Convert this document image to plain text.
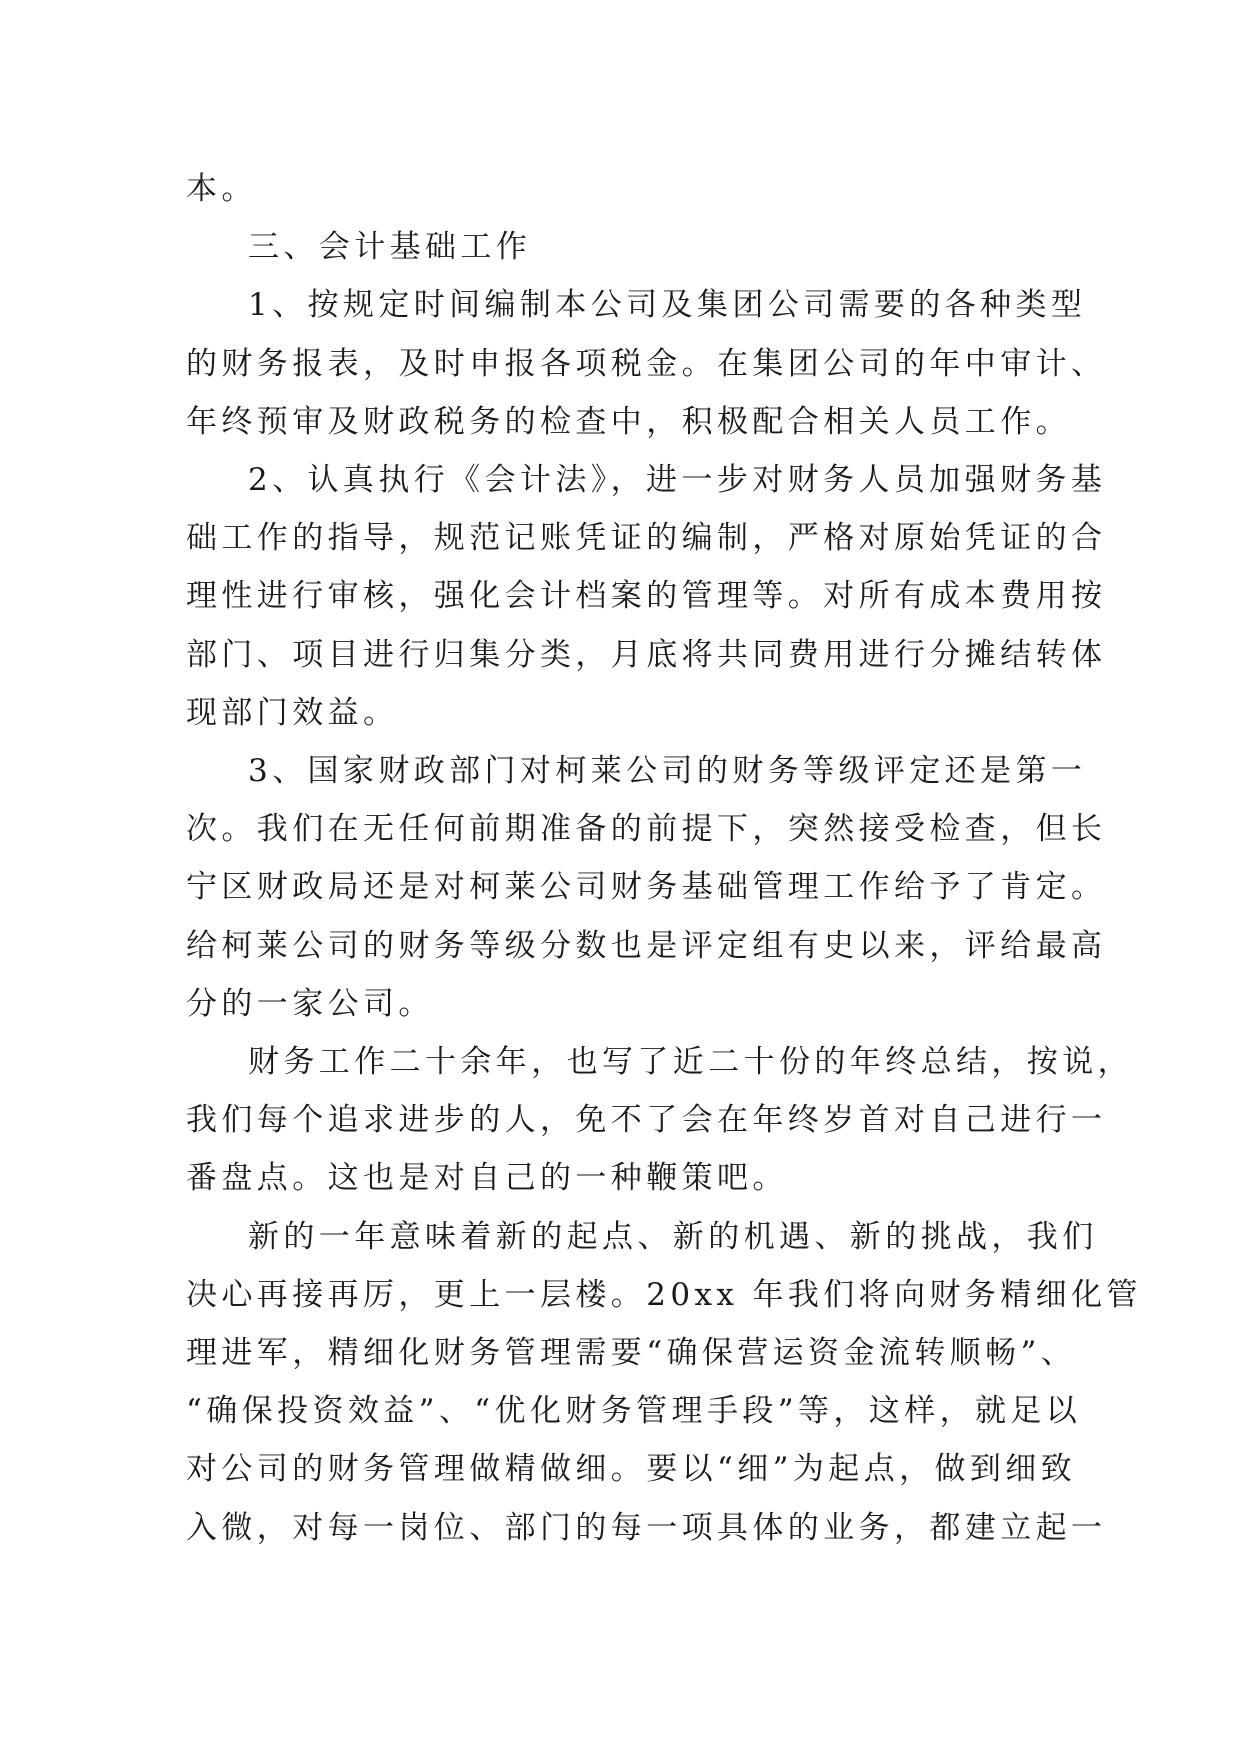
本。

三、会计基础工作

1、按规定时间编制本公司及集团公司需要的各种类型
的财务报表，及时申报各项税金。在集团公司的年中审计、
年终预审及财政税务的检查中，积极配合相关人员工作。

2、认真执行《会计法》，进一步对财务人员加强财务基
础工作的指导，规范记账凭证的编制，严格对原始凭证的合
理性进行审核，强化会计档案的管理等。对所有成本费用按
部门、项目进行归集分类，月底将共同费用进行分摊结转体
现部门效益。

3、国家财政部门对柯莱公司的财务等级评定还是第一
次。我们在无任何前期准备的前提下，突然接受检查，但长
宁区财政局还是对柯莱公司财务基础管理工作给予了肯定。
给柯莱公司的财务等级分数也是评定组有史以来，评给最高
分的一家公司。

财务工作二十余年，也写了近二十份的年终总结，按说，
我们每个追求进步的人，免不了会在年终岁首对自己进行一
番盘点。这也是对自己的一种鞭策吧。

新的一年意味着新的起点、新的机遇、新的挑战，我们
决心再接再厉，更上一层楼。20xx 年我们将向财务精细化管
理进军，精细化财务管理需要“确保营运资金流转顺畅”、
“确保投资效益”、“优化财务管理手段”等，这样，就足以
对公司的财务管理做精做细。要以“细”为起点，做到细致
入微，对每一岗位、部门的每一项具体的业务，都建立起一
